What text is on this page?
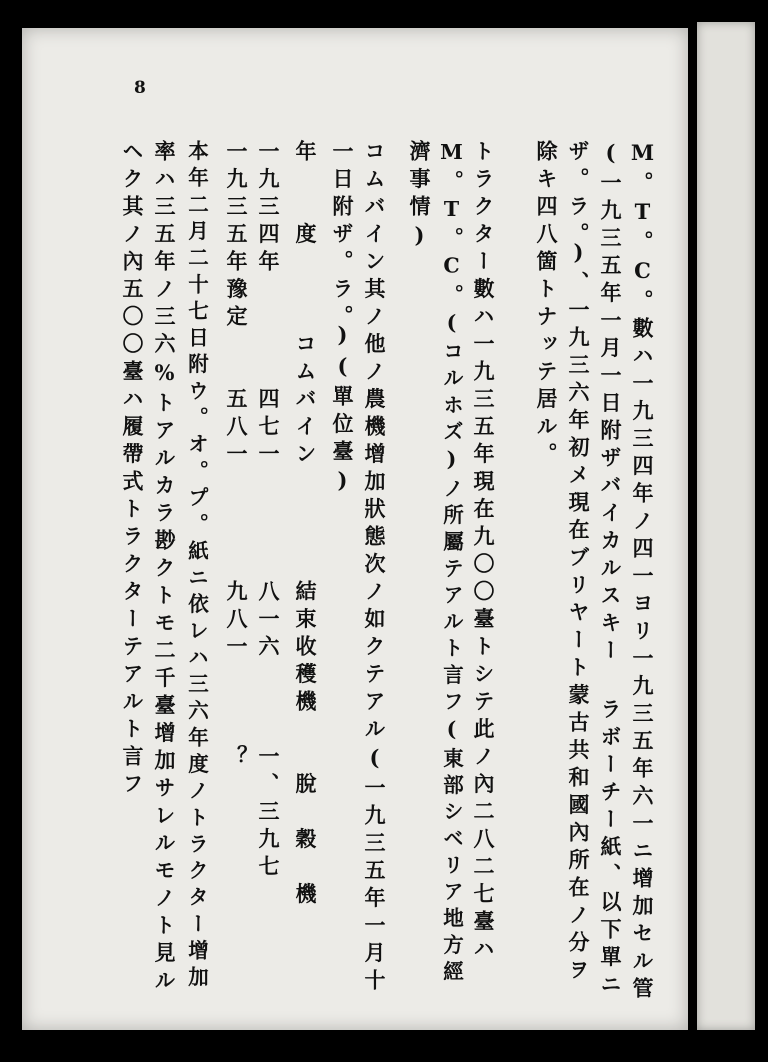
8
M。T。C。數ハ一九三四年ノ四一ヨリ一九三五年六一ニ增加セル管
(一九三五年一月一日附ザバイカルスキー ラボーチー紙、以下單ニ
ザ。ラ。)、一九三六年初メ現在ブリヤート蒙古共和國內所在ノ分ヲ
除キ四八箇トナッテ居ル。
トラクター數ハ一九三五年現在九〇〇臺トシテ此ノ內二八二七臺ハ
M。T。C。(コルホズ)ノ所屬テアルト言フ(東部シベリア地方經
濟事情)
コムバイン其ノ他ノ農機增加狀態次ノ如クテアル(一九三五年一月十
一日附ザ。ラ。)(單位臺)
年　　度　　　コムバイン　　　　結束收穫機　　脫　穀　機
一九三四年　　　　四七一　　　　八一六　　　一、三九七
一九三五年豫定　　五八一　　　　九八一　　　？
本年二月二十七日附ウ。オ。プ。紙ニ依レハ三六年度ノトラクター增加
率ハ三五年ノ三六%トアルカラ尠クトモ二千臺增加サレルモノト見ル
ヘク其ノ內五〇〇臺ハ履帶式トラクターテアルト言フ
